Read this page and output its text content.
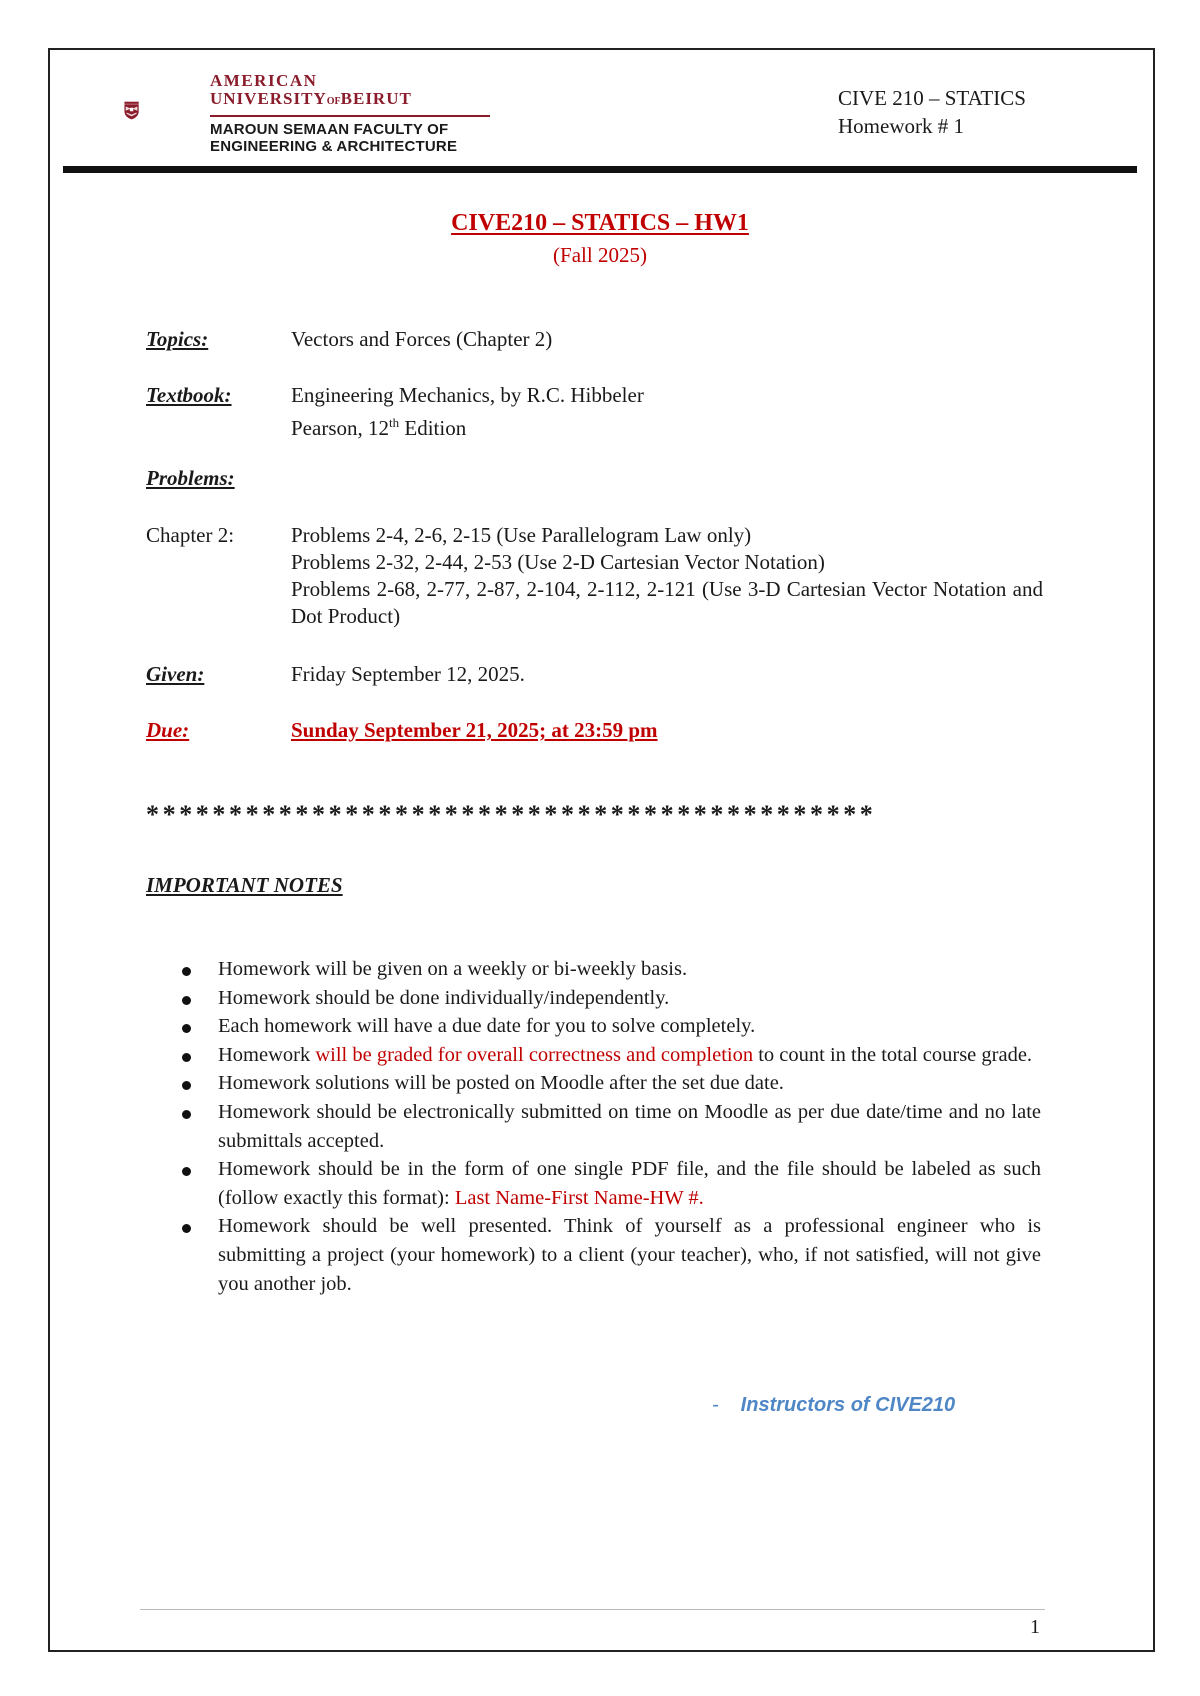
AMERICAN
UNIVERSITYOFBEIRUT
MAROUN SEMAAN FACULTY OF
ENGINEERING & ARCHITECTURE
CIVE 210 – STATICS
Homework # 1
CIVE210 – STATICS – HW1
(Fall 2025)
Topics:	Vectors and Forces (Chapter 2)
Textbook:	Engineering Mechanics, by R.C. Hibbeler
Pearson, 12th Edition
Problems:
Chapter 2:	Problems 2-4, 2-6, 2-15 (Use Parallelogram Law only)
Problems 2-32, 2-44, 2-53 (Use 2-D Cartesian Vector Notation)
Problems 2-68, 2-77, 2-87, 2-104, 2-112, 2-121 (Use 3-D Cartesian Vector Notation and Dot Product)
Given:	Friday September 12, 2025.
Due:	Sunday September 21, 2025; at 23:59 pm
********************************************
IMPORTANT NOTES
Homework will be given on a weekly or bi-weekly basis.
Homework should be done individually/independently.
Each homework will have a due date for you to solve completely.
Homework will be graded for overall correctness and completion to count in the total course grade.
Homework solutions will be posted on Moodle after the set due date.
Homework should be electronically submitted on time on Moodle as per due date/time and no late submittals accepted.
Homework should be in the form of one single PDF file, and the file should be labeled as such (follow exactly this format): Last Name-First Name-HW #.
Homework should be well presented. Think of yourself as a professional engineer who is submitting a project (your homework) to a client (your teacher), who, if not satisfied, will not give you another job.
- Instructors of CIVE210
1
